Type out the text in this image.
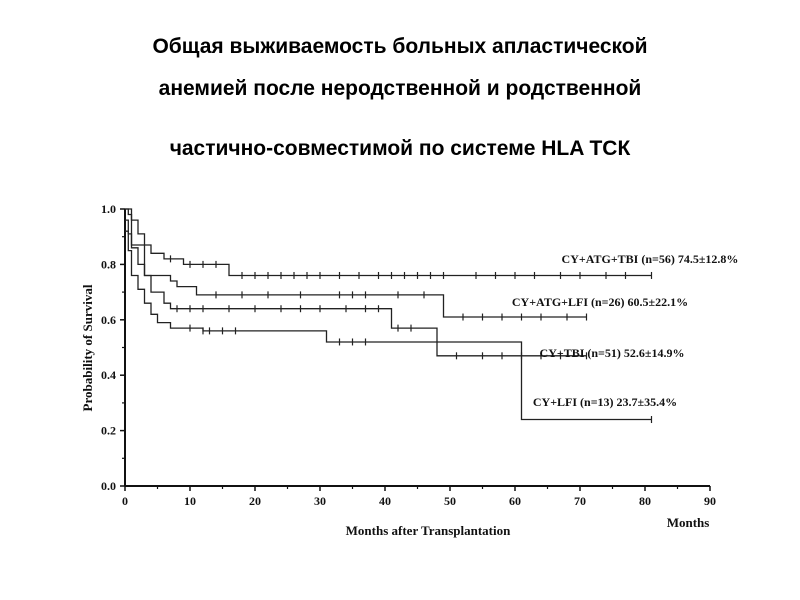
Общая выживаемость больных апластической
анемией после неродственной и родственной
частично-совместимой по системе HLA ТСК
0	10	20	30	40	50	60	70	80	90
0.0
0.2
0.4
0.6
0.8
1.0
CY+ATG+TBI (n=56) 74.5±12.8%
CY+ATG+LFI (n=26) 60.5±22.1%
CY+TBI (n=51) 52.6±14.9%
CY+LFI (n=13) 23.7±35.4%
Probability of Survival
Months after Transplantation
Months
